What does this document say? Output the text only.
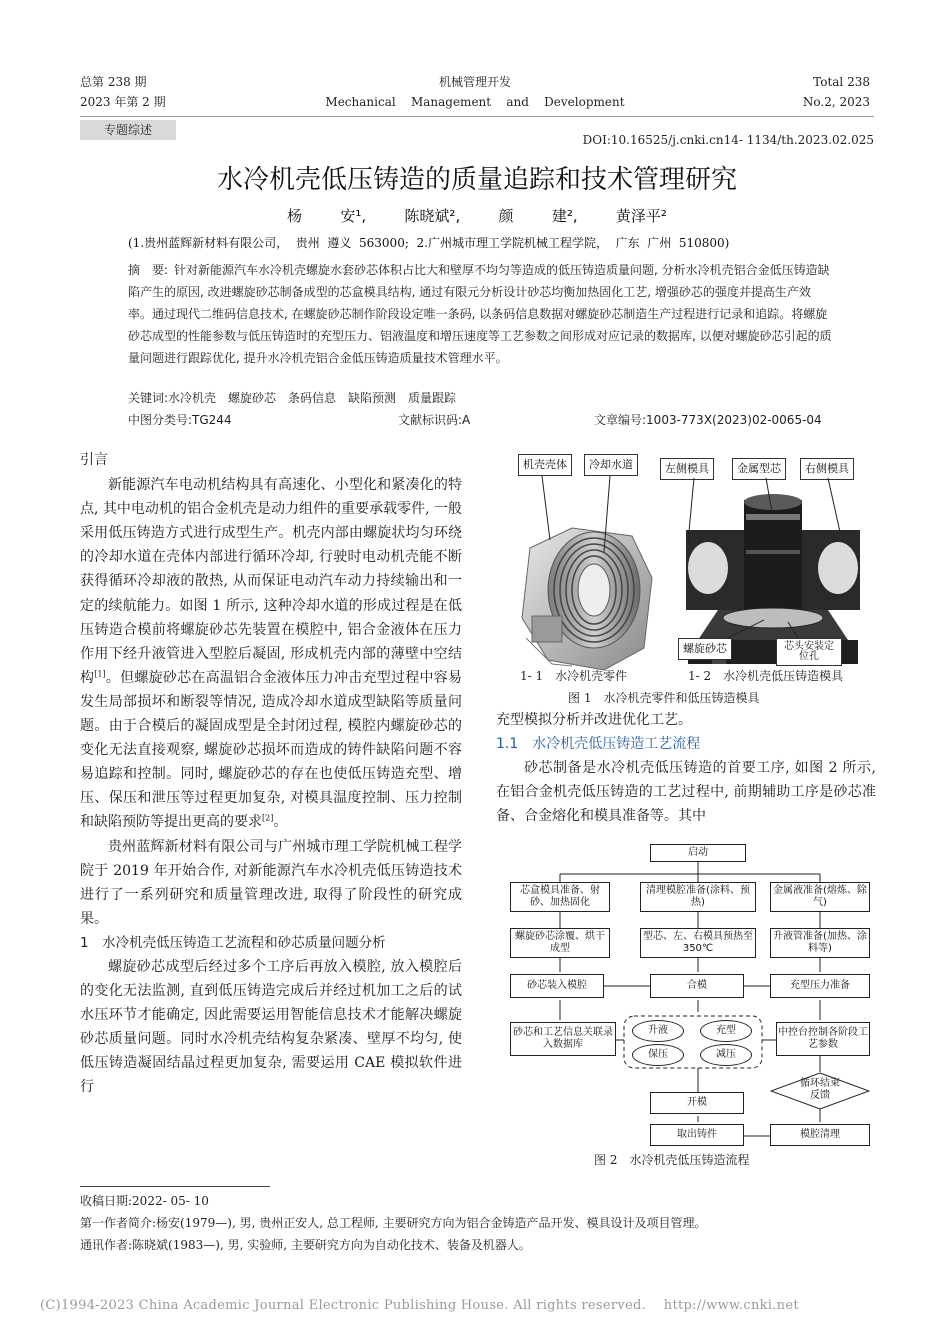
总第 238 期
2023 年第 2 期
机械管理开发
Mechanical    Management    and    Development
Total 238
No.2, 2023
专题综述
DOI:10.16525/j.cnki.cn14- 1134/th.2023.02.025
水冷机壳低压铸造的质量追踪和技术管理研究
杨   安¹,   陈晓斌²,   颜   建²,   黄泽平²
(1.贵州蓝辉新材料有限公司，  贵州  遵义  563000;  2.广州城市理工学院机械工程学院，  广东  广州  510800)
摘　要: 针对新能源汽车水冷机壳螺旋水套砂芯体积占比大和壁厚不均匀等造成的低压铸造质量问题, 分析水冷机壳铝合金低压铸造缺陷产生的原因, 改进螺旋砂芯制备成型的芯盒模具结构, 通过有限元分析设计砂芯均衡加热固化工艺, 增强砂芯的强度并提高生产效率。通过现代二维码信息技术, 在螺旋砂芯制作阶段设定唯一条码, 以条码信息数据对螺旋砂芯制造生产过程进行记录和追踪。将螺旋砂芯成型的性能参数与低压铸造时的充型压力、铝液温度和增压速度等工艺参数之间形成对应记录的数据库, 以便对螺旋砂芯引起的质量问题进行跟踪优化, 提升水冷机壳铝合金低压铸造质量技术管理水平。
关键词:水冷机壳　螺旋砂芯　条码信息　缺陷预测　质量跟踪
中图分类号:TG244	文献标识码:A	文章编号:1003-773X(2023)02-0065-04
引言

新能源汽车电动机结构具有高速化、小型化和紧凑化的特点, 其中电动机的铝合金机壳是动力组件的重要承载零件, 一般采用低压铸造方式进行成型生产。机壳内部由螺旋状均匀环绕的冷却水道在壳体内部进行循环冷却, 行驶时电动机壳能不断获得循环冷却液的散热, 从而保证电动汽车动力持续输出和一定的续航能力。如图 1 所示, 这种冷却水道的形成过程是在低压铸造合模前将螺旋砂芯先装置在模腔中, 铝合金液体在压力作用下经升液管进入型腔后凝固, 形成机壳内部的薄壁中空结构[1]。但螺旋砂芯在高温铝合金液体压力冲击充型过程中容易发生局部损坏和断裂等情况, 造成冷却水道成型缺陷等质量问题。由于合模后的凝固成型是全封闭过程, 模腔内螺旋砂芯的变化无法直接观察, 螺旋砂芯损坏而造成的铸件缺陷问题不容易追踪和控制。同时, 螺旋砂芯的存在也使低压铸造充型、增压、保压和泄压等过程更加复杂, 对模具温度控制、压力控制和缺陷预防等提出更高的要求[2]。

贵州蓝辉新材料有限公司与广州城市理工学院机械工程学院于 2019 年开始合作, 对新能源汽车水冷机壳低压铸造技术进行了一系列研究和质量管理改进, 取得了阶段性的研究成果。

1　水冷机壳低压铸造工艺流程和砂芯质量问题分析

螺旋砂芯成型后经过多个工序后再放入模腔, 放入模腔后的变化无法监测, 直到低压铸造完成后并经过机加工之后的试水压环节才能确定, 因此需要运用智能信息技术才能解决螺旋砂芯质量问题。同时水冷机壳结构复杂紧凑、壁厚不均匀, 使低压铸造凝固结晶过程更加复杂, 需要运用 CAE 模拟软件进行

机壳壳体	冷却水道	左侧模具	金属型芯	右侧模具
螺旋砂芯	芯头安装定位孔
1- 1　水冷机壳零件	1- 2　水冷机壳低压铸造模具
图 1　水冷机壳零件和低压铸造模具
充型模拟分析并改进优化工艺。
1.1　水冷机壳低压铸造工艺流程

砂芯制备是水冷机壳低压铸造的首要工序, 如图 2 所示, 在铝合金机壳低压铸造的工艺过程中, 前期辅助工序是砂芯准备、合金熔化和模具准备等。其中

启动
芯盒模具准备、射砂、加热固化
清理模腔准备(涂料、预热)
金属液准备(熔炼、除气)
螺旋砂芯涂覆、烘干成型
型芯、左、右模具预热至 350℃
升液管准备(加热、涂料等)
砂芯装入模腔	合模	充型压力准备
砂芯和工艺信息关联录入数据库
升液	充型
保压	减压
中控台控制各阶段工艺参数
循环结束反馈
开模
取出铸件	模腔清理
图 2　水冷机壳低压铸造流程
收稿日期:2022- 05- 10
第一作者简介:杨安(1979—), 男, 贵州正安人, 总工程师, 主要研究方向为铝合金铸造产品开发、模具设计及项目管理。
通讯作者:陈晓斌(1983—), 男, 实验师, 主要研究方向为自动化技术、装备及机器人。
(C)1994-2023 China Academic Journal Electronic Publishing House. All rights reserved.    http://www.cnki.net
